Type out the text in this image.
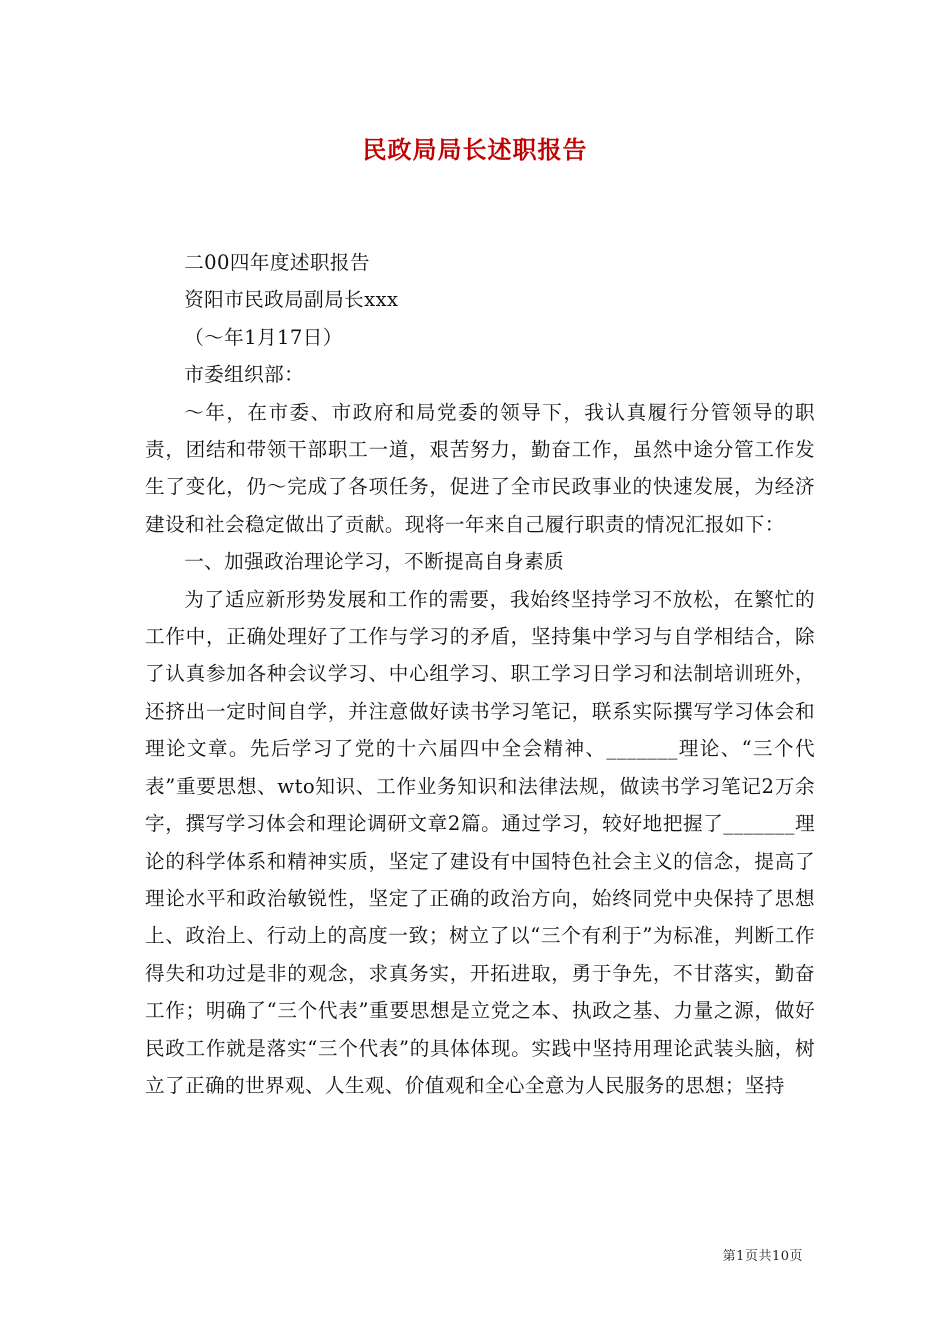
民政局局长述职报告

二00四年度述职报告

资阳市民政局副局长xxx

（～年1月17日）

市委组织部：

～年，在市委、市政府和局党委的领导下，我认真履行分管领导的职责，团结和带领干部职工一道，艰苦努力，勤奋工作，虽然中途分管工作发生了变化，仍～完成了各项任务，促进了全市民政事业的快速发展，为经济建设和社会稳定做出了贡献。现将一年来自己履行职责的情况汇报如下：

一、加强政治理论学习，不断提高自身素质

为了适应新形势发展和工作的需要，我始终坚持学习不放松，在繁忙的工作中，正确处理好了工作与学习的矛盾，坚持集中学习与自学相结合，除了认真参加各种会议学习、中心组学习、职工学习日学习和法制培训班外，还挤出一定时间自学，并注意做好读书学习笔记，联系实际撰写学习体会和理论文章。先后学习了党的十六届四中全会精神、_______理论、“三个代表”重要思想、wto知识、工作业务知识和法律法规，做读书学习笔记2万余字，撰写学习体会和理论调研文章2篇。通过学习，较好地把握了_______理论的科学体系和精神实质，坚定了建设有中国特色社会主义的信念，提高了理论水平和政治敏锐性，坚定了正确的政治方向，始终同党中央保持了思想上、政治上、行动上的高度一致；树立了以“三个有利于”为标准，判断工作得失和功过是非的观念，求真务实，开拓进取，勇于争先，不甘落实，勤奋工作；明确了“三个代表”重要思想是立党之本、执政之基、力量之源，做好民政工作就是落实“三个代表”的具体体现。实践中坚持用理论武装头脑，树立了正确的世界观、人生观、价值观和全心全意为人民服务的思想；坚持

第1页共10页
